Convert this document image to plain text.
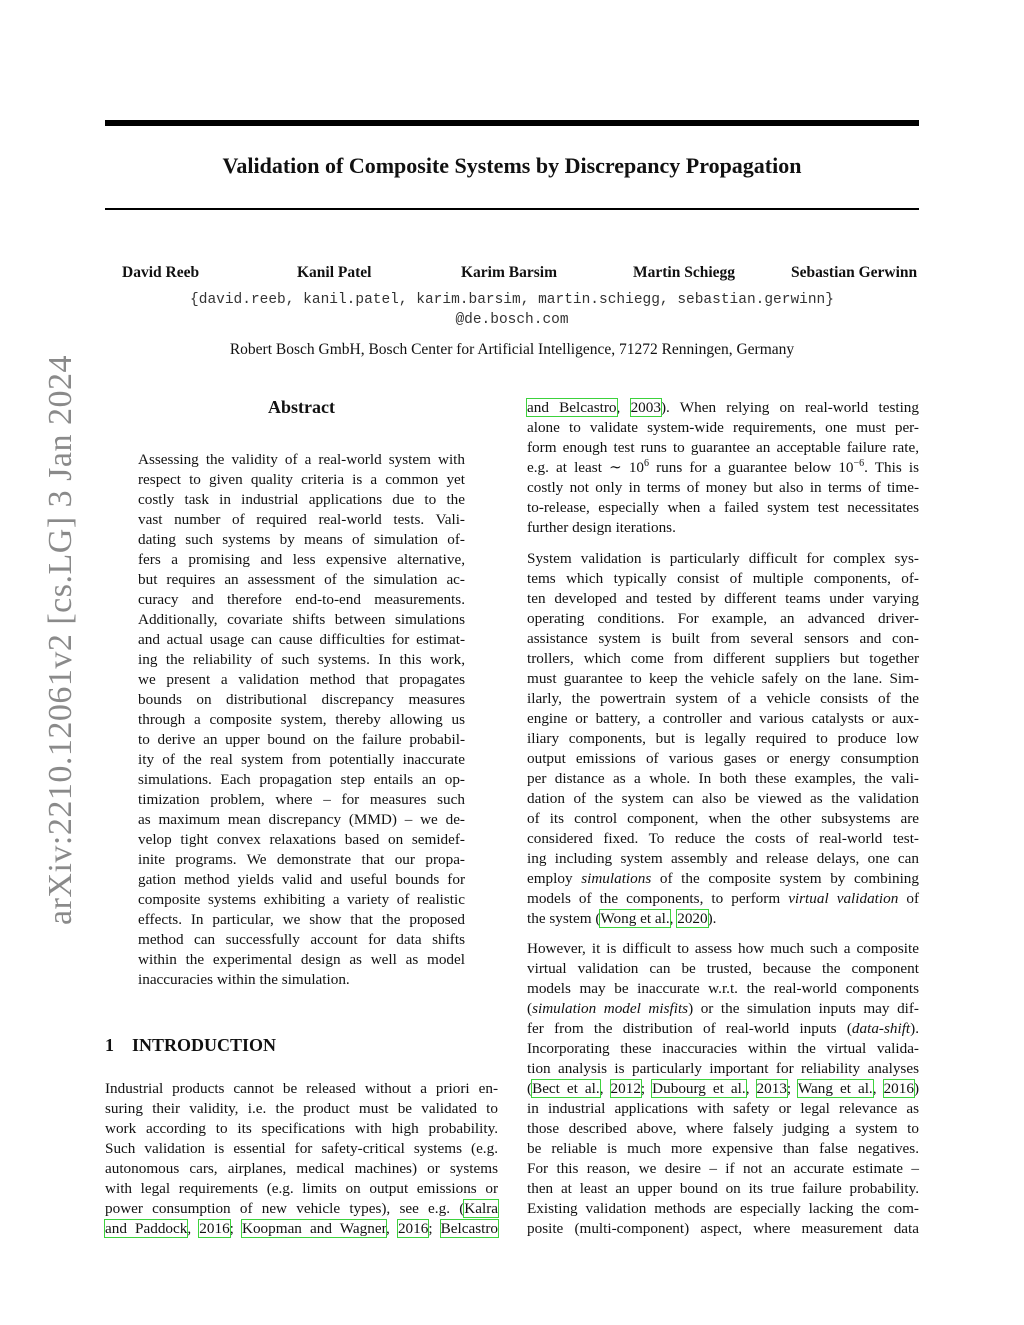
Validation of Composite Systems by Discrepancy Propagation
David Reeb	Kanil Patel	Karim Barsim	Martin Schiegg	Sebastian Gerwinn
{david.reeb, kanil.patel, karim.barsim, martin.schiegg, sebastian.gerwinn}
@de.bosch.com
Robert Bosch GmbH, Bosch Center for Artificial Intelligence, 71272 Renningen, Germany
arXiv:2210.12061v2 [cs.LG] 3 Jan 2024	Abstract
Assessing the validity of a real-world system with
respect to given quality criteria is a common yet
costly task in industrial applications due to the
vast number of required real-world tests. Vali-
dating such systems by means of simulation of-
fers a promising and less expensive alternative,
but requires an assessment of the simulation ac-
curacy and therefore end-to-end measurements.
Additionally, covariate shifts between simulations
and actual usage can cause difficulties for estimat-
ing the reliability of such systems. In this work,
we present a validation method that propagates
bounds on distributional discrepancy measures
through a composite system, thereby allowing us
to derive an upper bound on the failure probabil-
ity of the real system from potentially inaccurate
simulations. Each propagation step entails an op-
timization problem, where – for measures such
as maximum mean discrepancy (MMD) – we de-
velop tight convex relaxations based on semidef-
inite programs. We demonstrate that our propa-
gation method yields valid and useful bounds for
composite systems exhibiting a variety of realistic
effects. In particular, we show that the proposed
method can successfully account for data shifts
within the experimental design as well as model
inaccuracies within the simulation.
1 INTRODUCTION
Industrial products cannot be released without a priori en-
suring their validity, i.e. the product must be validated to
work according to its specifications with high probability.
Such validation is essential for safety-critical systems (e.g.
autonomous cars, airplanes, medical machines) or systems
with legal requirements (e.g. limits on output emissions or
power consumption of new vehicle types), see e.g. (Kalra
and Paddock, 2016; Koopman and Wagner, 2016; Belcastro
and Belcastro, 2003). When relying on real-world testing
alone to validate system-wide requirements, one must per-
form enough test runs to guarantee an acceptable failure rate,
e.g. at least ∼ $10^6$ runs for a guarantee below $10^{-6}$. This is
costly not only in terms of money but also in terms of time-
to-release, especially when a failed system test necessitates
further design iterations.
System validation is particularly difficult for complex sys-
tems which typically consist of multiple components, of-
ten developed and tested by different teams under varying
operating conditions. For example, an advanced driver-
assistance system is built from several sensors and con-
trollers, which come from different suppliers but together
must guarantee to keep the vehicle safely on the lane. Sim-
ilarly, the powertrain system of a vehicle consists of the
engine or battery, a controller and various catalysts or aux-
iliary components, but is legally required to produce low
output emissions of various gases or energy consumption
per distance as a whole. In both these examples, the vali-
dation of the system can also be viewed as the validation
of its control component, when the other subsystems are
considered fixed. To reduce the costs of real-world test-
ing including system assembly and release delays, one can
employ simulations of the composite system by combining
models of the components, to perform virtual validation of
the system (Wong et al., 2020).
However, it is difficult to assess how much such a composite
virtual validation can be trusted, because the component
models may be inaccurate w.r.t. the real-world components
(simulation model misfits) or the simulation inputs may dif-
fer from the distribution of real-world inputs (data-shift).
Incorporating these inaccuracies within the virtual valida-
tion analysis is particularly important for reliability analyses
(Bect et al., 2012; Dubourg et al., 2013; Wang et al., 2016)
in industrial applications with safety or legal relevance as
those described above, where falsely judging a system to
be reliable is much more expensive than false negatives.
For this reason, we desire – if not an accurate estimate –
then at least an upper bound on its true failure probability.
Existing validation methods are especially lacking the com-
posite (multi-component) aspect, where measurement data
